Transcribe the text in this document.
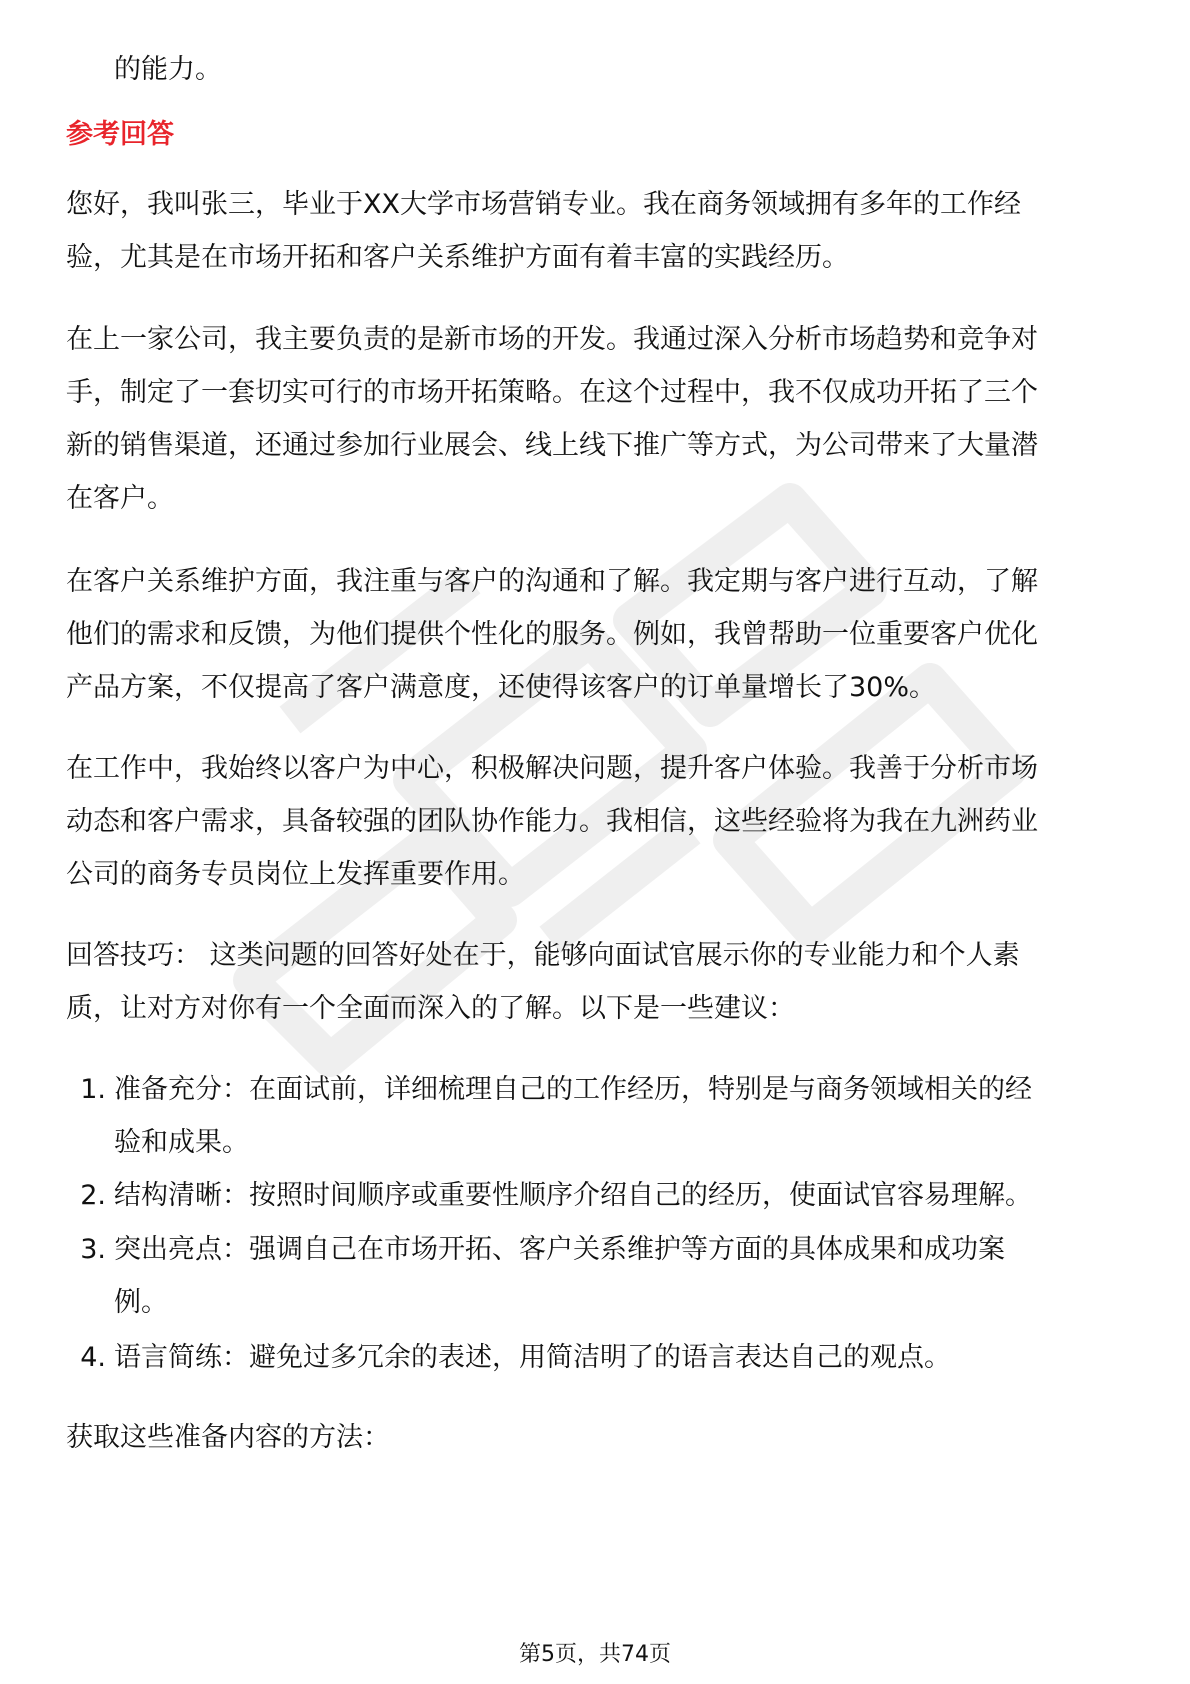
的能力。
参考回答
您好，我叫张三，毕业于XX大学市场营销专业。我在商务领域拥有多年的工作经
验，尤其是在市场开拓和客户关系维护方面有着丰富的实践经历。
在上一家公司，我主要负责的是新市场的开发。我通过深入分析市场趋势和竞争对
手，制定了一套切实可行的市场开拓策略。在这个过程中，我不仅成功开拓了三个
新的销售渠道，还通过参加行业展会、线上线下推广等方式，为公司带来了大量潜
在客户。
在客户关系维护方面，我注重与客户的沟通和了解。我定期与客户进行互动，了解
他们的需求和反馈，为他们提供个性化的服务。例如，我曾帮助一位重要客户优化
产品方案，不仅提高了客户满意度，还使得该客户的订单量增长了30%。
在工作中，我始终以客户为中心，积极解决问题，提升客户体验。我善于分析市场
动态和客户需求，具备较强的团队协作能力。我相信，这些经验将为我在九洲药业
公司的商务专员岗位上发挥重要作用。
回答技巧： 这类问题的回答好处在于，能够向面试官展示你的专业能力和个人素
质，让对方对你有一个全面而深入的了解。以下是一些建议：
1. 准备充分：在面试前，详细梳理自己的工作经历，特别是与商务领域相关的经
验和成果。
2. 结构清晰：按照时间顺序或重要性顺序介绍自己的经历，使面试官容易理解。
3. 突出亮点：强调自己在市场开拓、客户关系维护等方面的具体成果和成功案
例。
4. 语言简练：避免过多冗余的表述，用简洁明了的语言表达自己的观点。
获取这些准备内容的方法：
第5页，共74页
